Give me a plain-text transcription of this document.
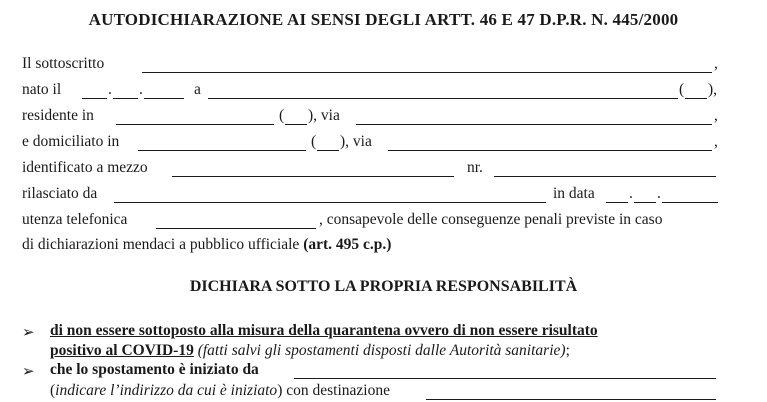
AUTODICHIARAZIONE AI SENSI DEGLI ARTT. 46 E 47 D.P.R. N. 445/2000
Il sottoscritto	,
nato il	. .	a	( ),
residente in	( ), via	,
e domiciliato in	( ), via	,
identificato a mezzo	nr.
rilasciato da	in data . .
utenza telefonica	, consapevole delle conseguenze penali previste in caso
di dichiarazioni mendaci a pubblico ufficiale (art. 495 c.p.)
DICHIARA SOTTO LA PROPRIA RESPONSABILITÀ
➢ di non essere sottoposto alla misura della quarantena ovvero di non essere risultato
positivo al COVID-19 (fatti salvi gli spostamenti disposti dalle Autorità sanitarie);
➢ che lo spostamento è iniziato da
(indicare l’indirizzo da cui è iniziato) con destinazione
